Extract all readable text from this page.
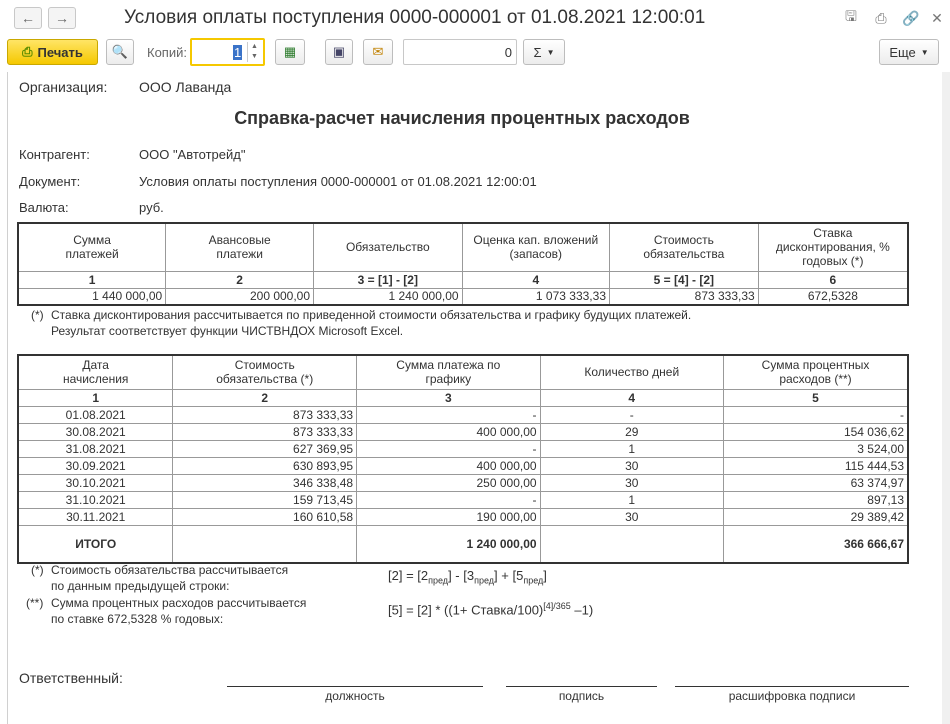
←	→	Условия оплаты поступления 0000-000001 от 01.08.2021 12:00:01	🖫 ⎙ 🔗 ✕
⎙ Печать	🔍	Копий:	1	▲
▼	▦	▣	✉	0	Σ ▼	Еще ▼
Организация: ООО Лаванда
Справка-расчет начисления процентных расходов
Контрагент:	ООО "Автотрейд"
Документ:	Условия оплаты поступления 0000-000001 от 01.08.2021 12:00:01
Валюта:	руб.
Сумма платежей	Авансовые платежи	Обязательство	Оценка кап. вложений (запасов)	Стоимость обязательства	Ставка дисконтирования, % годовых (*)
1	2	3 = [1] - [2]	4	5 = [4] - [2]	6
1 440 000,00	200 000,00	1 240 000,00	1 073 333,33	873 333,33	672,5328
(*) Ставка дисконтирования рассчитывается по приведенной стоимости обязательства и графику будущих платежей.
Результат соответствует функции ЧИСТВНДОХ Microsoft Excel.
Дата начисления	Стоимость обязательства (*)	Сумма платежа по графику	Количество дней	Сумма процентных расходов (**)
1	2	3	4	5
01.08.2021	873 333,33	-	-	-
30.08.2021	873 333,33	400 000,00	29	154 036,62
31.08.2021	627 369,95	-	1	3 524,00
30.09.2021	630 893,95	400 000,00	30	115 444,53
30.10.2021	346 338,48	250 000,00	30	63 374,97
31.10.2021	159 713,45	-	1	897,13
30.11.2021	160 610,58	190 000,00	30	29 389,42
ИТОГО		1 240 000,00		366 666,67
(*) Стоимость обязательства рассчитывается
по данным предыдущей строки:
(**) Сумма процентных расходов рассчитывается
по ставке 672,5328 % годовых:
$[2] = [2_{пред}] - [3_{пред}] + [5_{пред}]$
[5] = [2] * ((1+ Ставка/100)$^{[4]/365}$ –1)
Ответственный:
должность	подпись	расшифровка подписи
